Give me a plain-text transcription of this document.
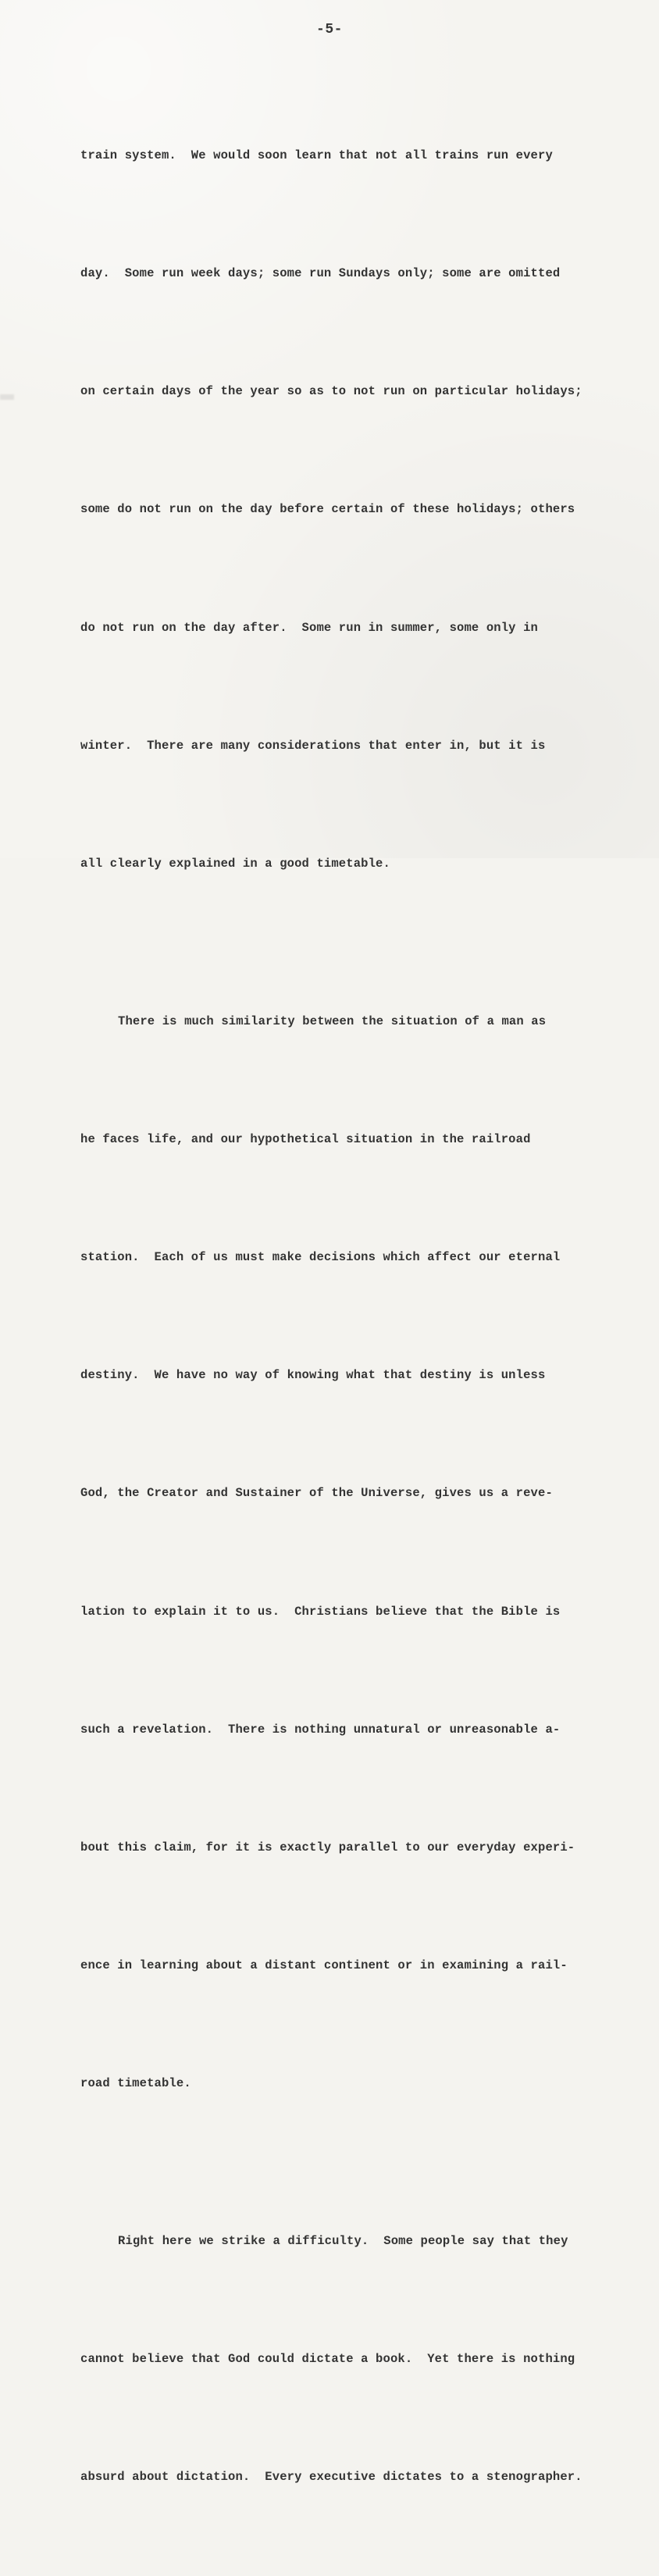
-5-

train system.  We would soon learn that not all trains run every

day.  Some run week days; some run Sundays only; some are omitted

on certain days of the year so as to not run on particular holidays;

some do not run on the day before certain of these holidays; others

do not run on the day after.  Some run in summer, some only in

winter.  There are many considerations that enter in, but it is

all clearly explained in a good timetable.

There is much similarity between the situation of a man as

he faces life, and our hypothetical situation in the railroad

station.  Each of us must make decisions which affect our eternal

destiny.  We have no way of knowing what that destiny is unless

God, the Creator and Sustainer of the Universe, gives us a reve-

lation to explain it to us.  Christians believe that the Bible is

such a revelation.  There is nothing unnatural or unreasonable a-

bout this claim, for it is exactly parallel to our everyday experi-

ence in learning about a distant continent or in examining a rail-

road timetable.

Right here we strike a difficulty.  Some people say that they

cannot believe that God could dictate a book.  Yet there is nothing

absurd about dictation.  Every executive dictates to a stenographer.
